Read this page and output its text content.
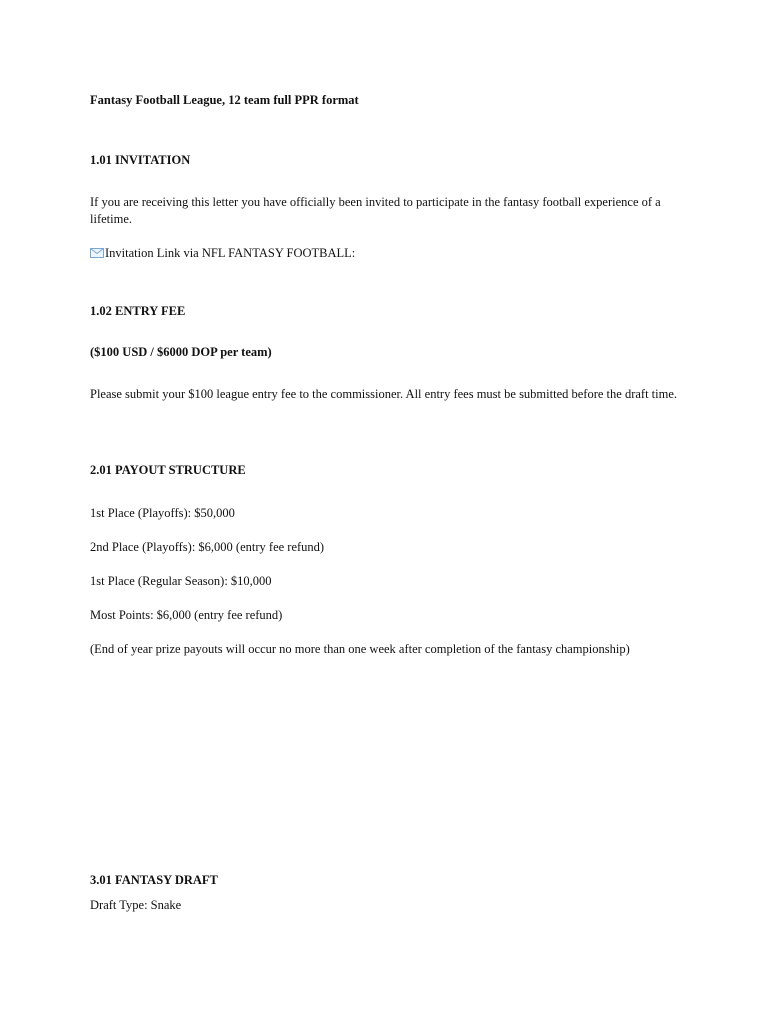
Fantasy Football League, 12 team full PPR format

1.01 INVITATION

If you are receiving this letter you have officially been invited to participate in the fantasy football experience of a lifetime.

Invitation Link via NFL FANTASY FOOTBALL:

1.02 ENTRY FEE

($100 USD / $6000 DOP per team)

Please submit your $100 league entry fee to the commissioner. All entry fees must be submitted before the draft time.

2.01 PAYOUT STRUCTURE

1st Place (Playoffs): $50,000

2nd Place (Playoffs): $6,000 (entry fee refund)

1st Place (Regular Season): $10,000

Most Points: $6,000 (entry fee refund)

(End of year prize payouts will occur no more than one week after completion of the fantasy championship)

3.01 FANTASY DRAFT

Draft Type: Snake
